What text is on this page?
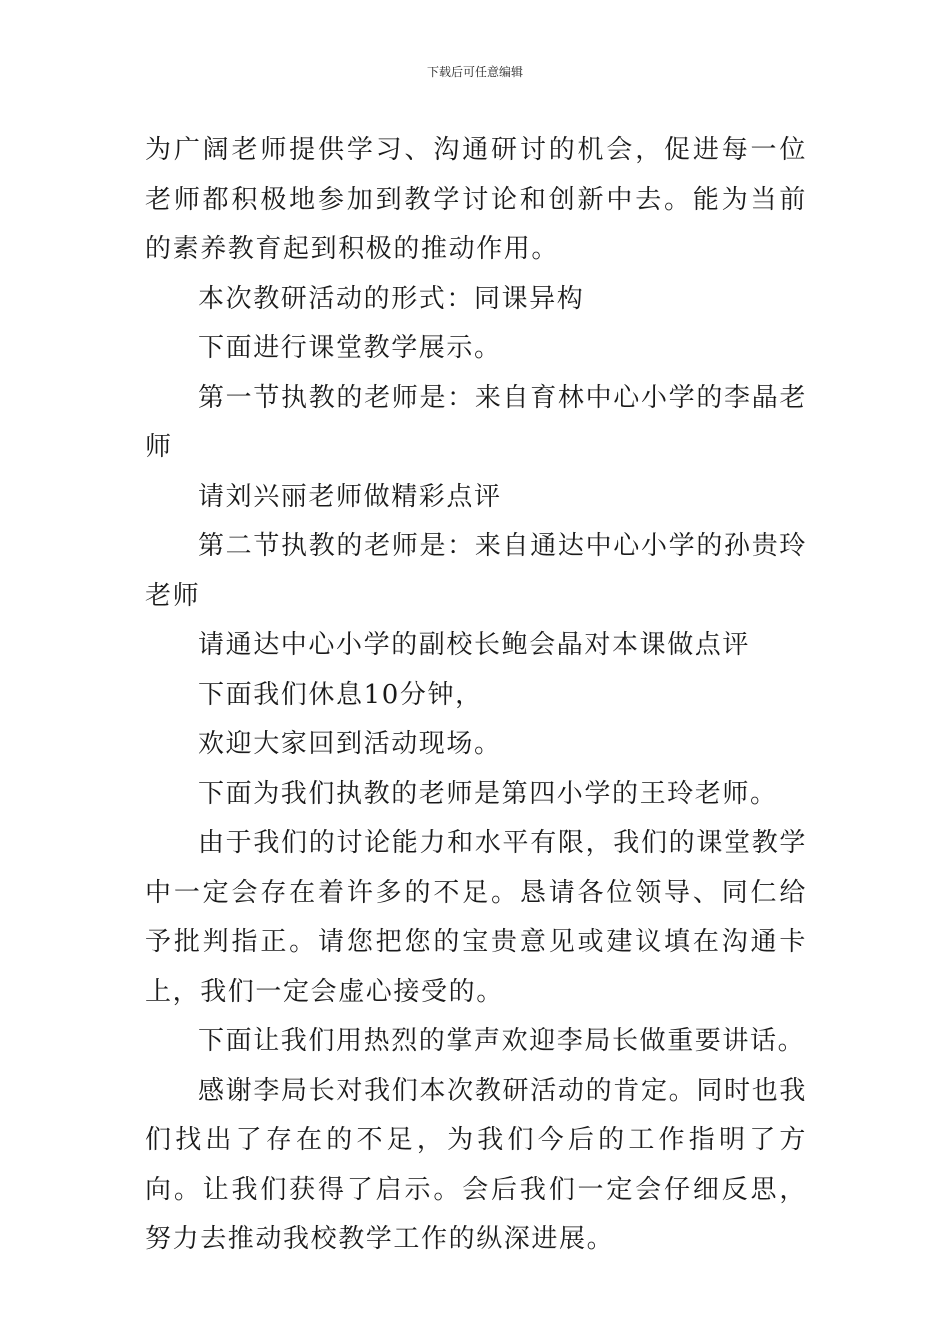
下载后可任意编辑

为广阔老师提供学习、沟通研讨的机会，促进每一位老师都积极地参加到教学讨论和创新中去。能为当前的素养教育起到积极的推动作用。

本次教研活动的形式：同课异构

下面进行课堂教学展示。

第一节执教的老师是：来自育林中心小学的李晶老师

请刘兴丽老师做精彩点评

第二节执教的老师是：来自通达中心小学的孙贵玲老师

请通达中心小学的副校长鲍会晶对本课做点评

下面我们休息10分钟，

欢迎大家回到活动现场。

下面为我们执教的老师是第四小学的王玲老师。

由于我们的讨论能力和水平有限，我们的课堂教学中一定会存在着许多的不足。恳请各位领导、同仁给予批判指正。请您把您的宝贵意见或建议填在沟通卡上，我们一定会虚心接受的。

下面让我们用热烈的掌声欢迎李局长做重要讲话。

感谢李局长对我们本次教研活动的肯定。同时也我们找出了存在的不足，为我们今后的工作指明了方向。让我们获得了启示。会后我们一定会仔细反思，努力去推动我校教学工作的纵深进展。
